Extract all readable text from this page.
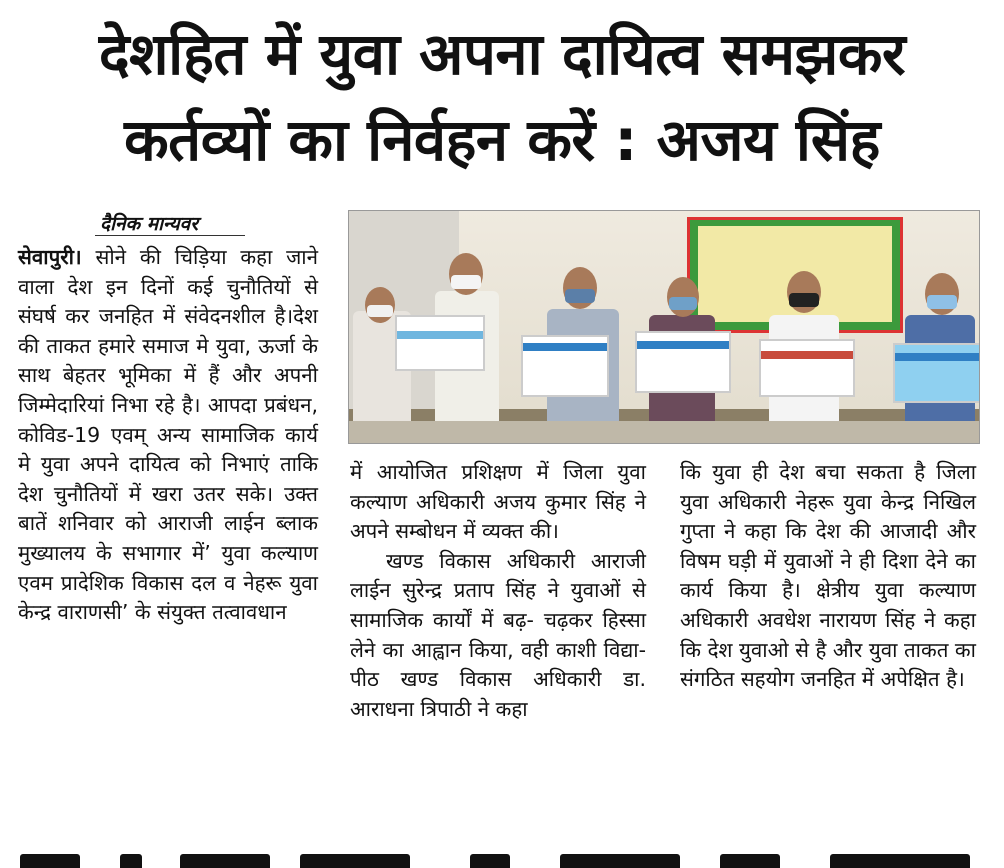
देशहित में युवा अपना दायित्व समझकर
कर्तव्यों का निर्वहन करें : अजय सिंह
दैनिक मान्यवर

सेवापुरी। सोने की चिड़िया कहा जाने वाला देश इन दिनों कई चुनौतियों से संघर्ष कर जनहित में संवेदनशील है।देश की ताकत हमारे समाज मे युवा, ऊर्जा के साथ बेहतर भूमिका में हैं और अपनी जिम्मेदारियां निभा रहे है। आपदा प्रबंधन, कोविड-19 एवम् अन्य सामाजिक कार्य मे युवा अपने दायित्व को निभाएं ताकि देश चुनौतियों में खरा उतर सके। उक्त बातें शनिवार को आराजी लाईन ब्लाक मुख्यालय के सभागार में’ युवा कल्याण एवम प्रादेशिक विकास दल व नेहरू युवा केन्द्र वाराणसी’ के संयुक्त तत्वावधान

में आयोजित प्रशिक्षण में जिला युवा कल्याण अधिकारी अजय कुमार सिंह ने अपने सम्बोधन में व्यक्त की।

खण्ड विकास अधिकारी आराजी लाईन सुरेन्द्र प्रताप सिंह ने युवाओं से सामाजिक कार्यों में बढ़- चढ़कर हिस्सा लेने का आह्वान किया, वही काशी विद्या- पीठ खण्ड विकास अधिकारी डा. आराधना त्रिपाठी ने कहा

कि युवा ही देश बचा सकता है जिला युवा अधिकारी नेहरू युवा केन्द्र निखिल गुप्ता ने कहा कि देश की आजादी और विषम घड़ी में युवाओं ने ही दिशा देने का कार्य किया है। क्षेत्रीय युवा कल्याण अधिकारी अवधेश नारायण सिंह ने कहा कि देश युवाओ से है और युवा ताकत का संगठित सहयोग जनहित में अपेक्षित है।
